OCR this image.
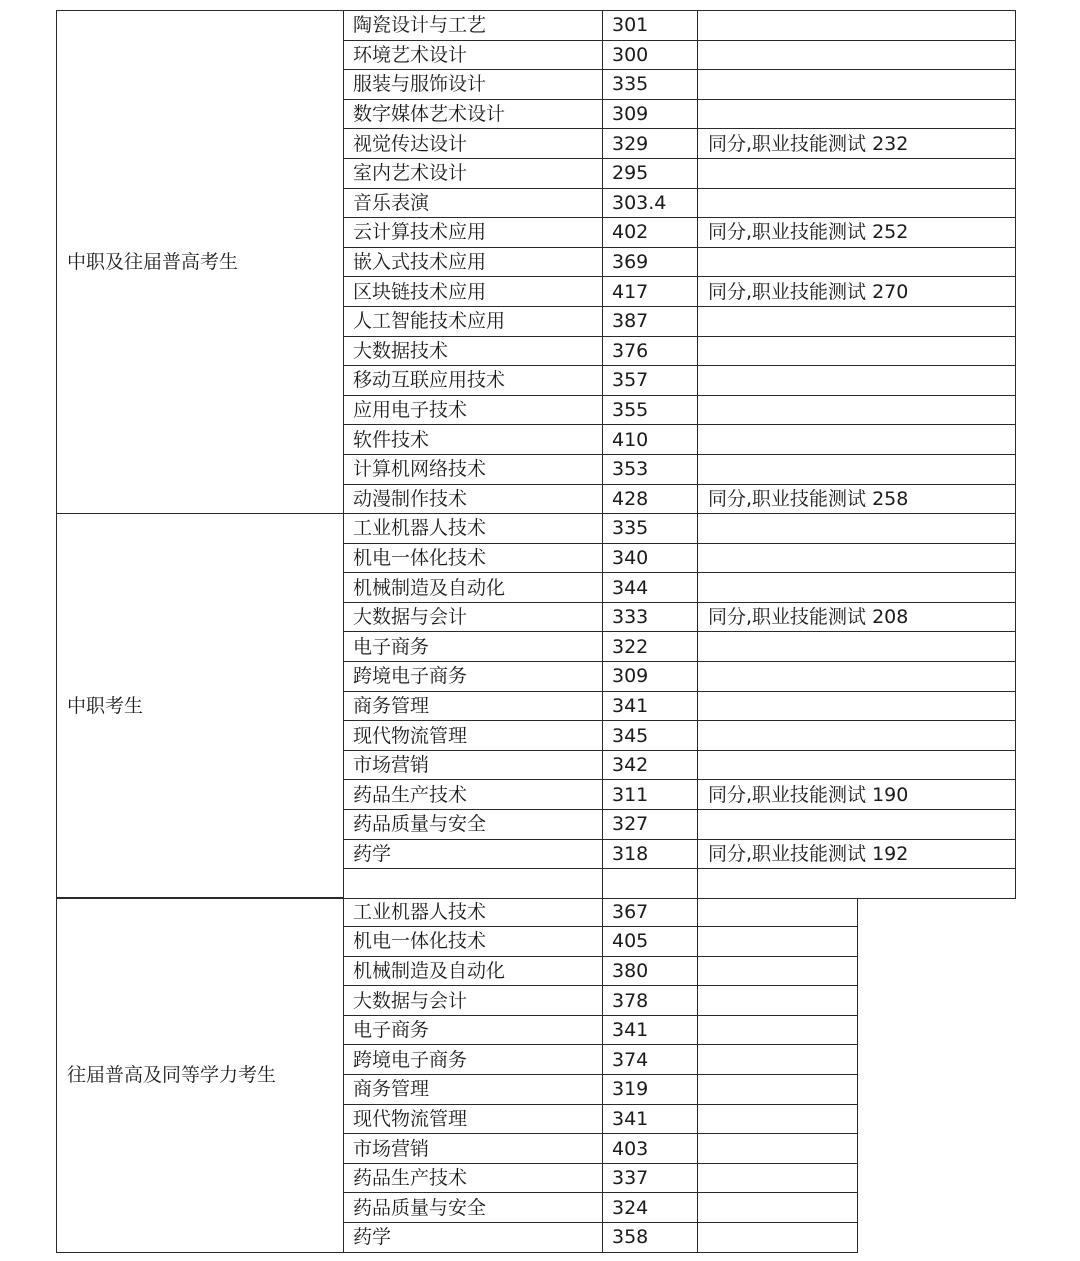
中职及往届普高考生	陶瓷设计与工艺	301	
	环境艺术设计	300	
	服装与服饰设计	335	
	数字媒体艺术设计	309	
	视觉传达设计	329	同分,职业技能测试 232
	室内艺术设计	295	
	音乐表演	303.4	
	云计算技术应用	402	同分,职业技能测试 252
	嵌入式技术应用	369	
	区块链技术应用	417	同分,职业技能测试 270
	人工智能技术应用	387	
	大数据技术	376	
	移动互联应用技术	357	
	应用电子技术	355	
	软件技术	410	
	计算机网络技术	353	
	动漫制作技术	428	同分,职业技能测试 258
中职考生	工业机器人技术	335	
	机电一体化技术	340	
	机械制造及自动化	344	
	大数据与会计	333	同分,职业技能测试 208
	电子商务	322	
	跨境电子商务	309	
	商务管理	341	
	现代物流管理	345	
	市场营销	342	
	药品生产技术	311	同分,职业技能测试 190
	药品质量与安全	327	
	药学	318	同分,职业技能测试 192

往届普高及同等学力考生	工业机器人技术	367	
	机电一体化技术	405	
	机械制造及自动化	380	
	大数据与会计	378	
	电子商务	341	
	跨境电子商务	374	
	商务管理	319	
	现代物流管理	341	
	市场营销	403	
	药品生产技术	337	
	药品质量与安全	324	
	药学	358	
